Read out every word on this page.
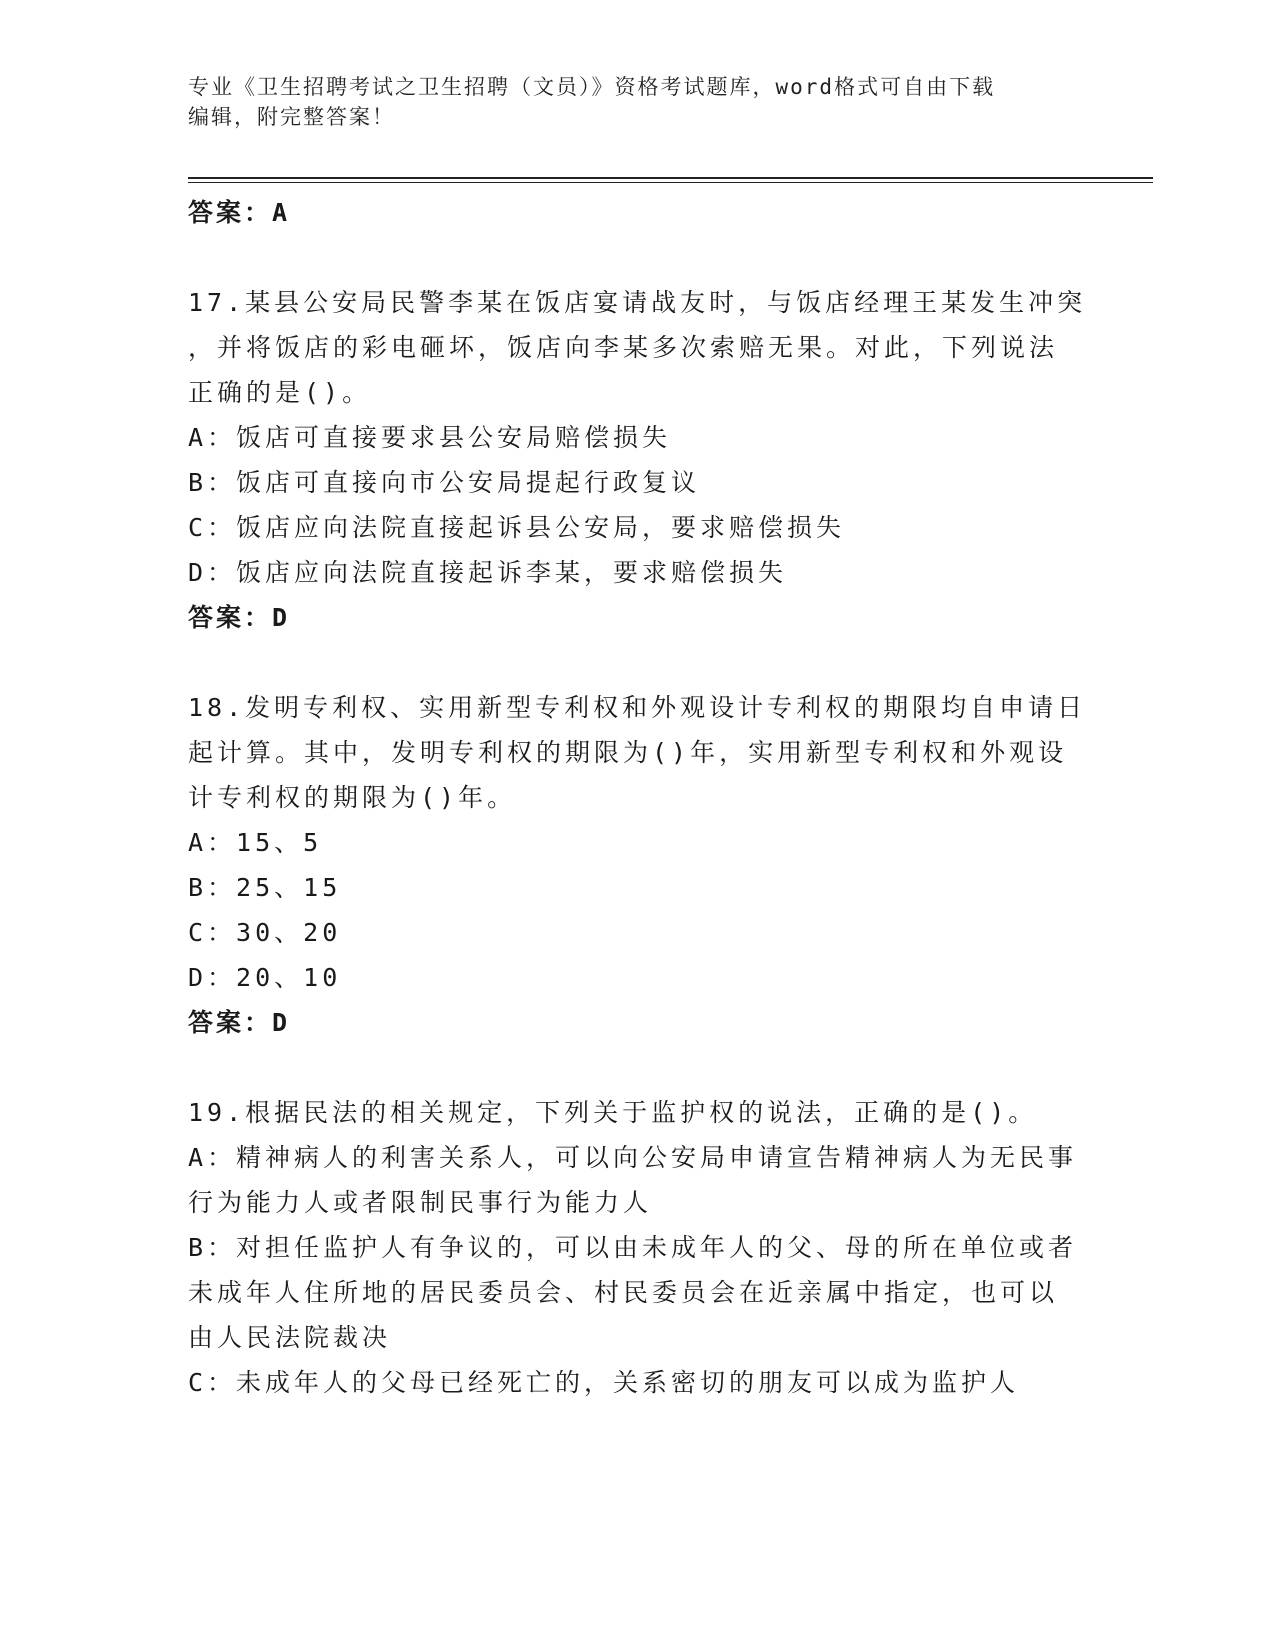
专业《卫生招聘考试之卫生招聘（文员）》资格考试题库，word格式可自由下载
编辑，附完整答案！
答案：A
17.某县公安局民警李某在饭店宴请战友时，与饭店经理王某发生冲突
，并将饭店的彩电砸坏，饭店向李某多次索赔无果。对此，下列说法
正确的是()。
A：饭店可直接要求县公安局赔偿损失
B：饭店可直接向市公安局提起行政复议
C：饭店应向法院直接起诉县公安局，要求赔偿损失
D：饭店应向法院直接起诉李某，要求赔偿损失
答案：D
18.发明专利权、实用新型专利权和外观设计专利权的期限均自申请日
起计算。其中，发明专利权的期限为()年，实用新型专利权和外观设
计专利权的期限为()年。
A：15、5
B：25、15
C：30、20
D：20、10
答案：D
19.根据民法的相关规定，下列关于监护权的说法，正确的是()。
A：精神病人的利害关系人，可以向公安局申请宣告精神病人为无民事
行为能力人或者限制民事行为能力人
B：对担任监护人有争议的，可以由未成年人的父、母的所在单位或者
未成年人住所地的居民委员会、村民委员会在近亲属中指定，也可以
由人民法院裁决
C：未成年人的父母已经死亡的，关系密切的朋友可以成为监护人
